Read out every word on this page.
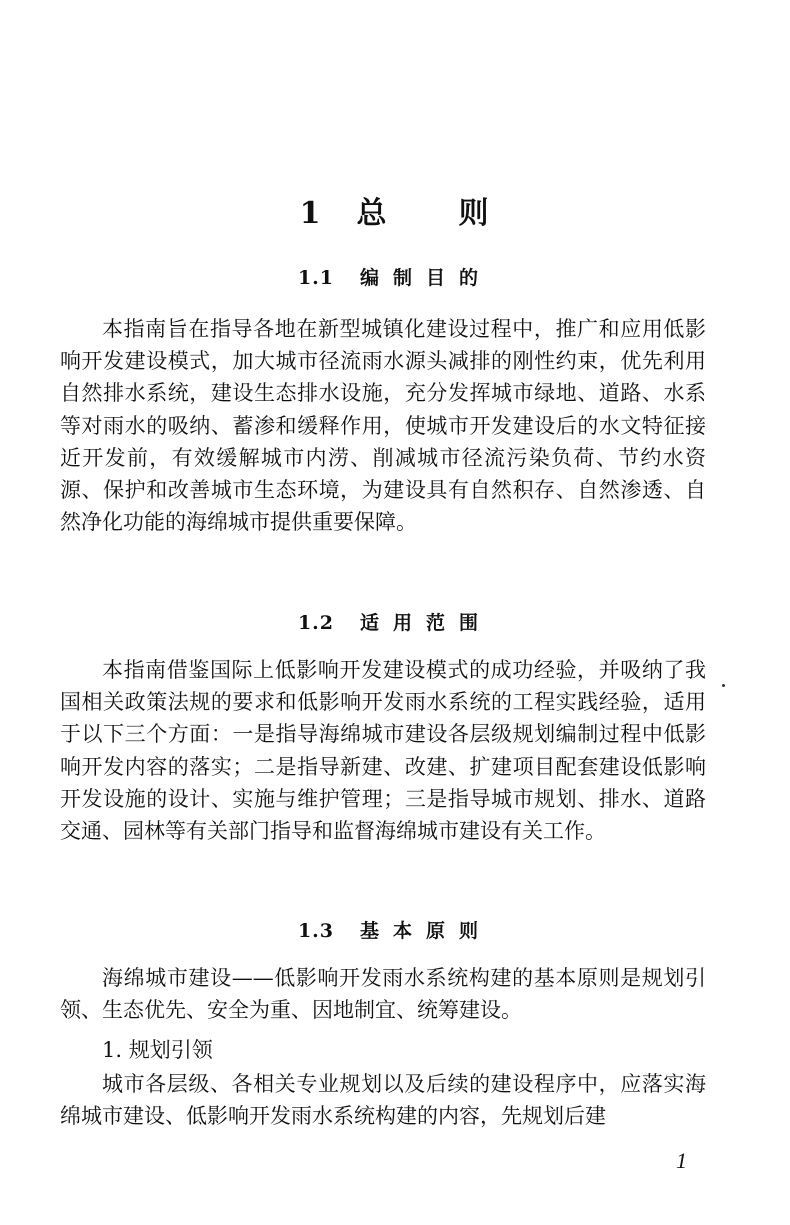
1 总 则
1.1 编制目的

本指南旨在指导各地在新型城镇化建设过程中，推广和应用低影响开发建设模式，加大城市径流雨水源头减排的刚性约束，优先利用自然排水系统，建设生态排水设施，充分发挥城市绿地、道路、水系等对雨水的吸纳、蓄渗和缓释作用，使城市开发建设后的水文特征接近开发前，有效缓解城市内涝、削减城市径流污染负荷、节约水资源、保护和改善城市生态环境，为建设具有自然积存、自然渗透、自然净化功能的海绵城市提供重要保障。

1.2 适用范围

本指南借鉴国际上低影响开发建设模式的成功经验，并吸纳了我国相关政策法规的要求和低影响开发雨水系统的工程实践经验，适用于以下三个方面：一是指导海绵城市建设各层级规划编制过程中低影响开发内容的落实；二是指导新建、改建、扩建项目配套建设低影响开发设施的设计、实施与维护管理；三是指导城市规划、排水、道路交通、园林等有关部门指导和监督海绵城市建设有关工作。

1.3 基本原则

海绵城市建设——低影响开发雨水系统构建的基本原则是规划引领、生态优先、安全为重、因地制宜、统筹建设。

1. 规划引领

城市各层级、各相关专业规划以及后续的建设程序中，应落实海绵城市建设、低影响开发雨水系统构建的内容，先规划后建

1
